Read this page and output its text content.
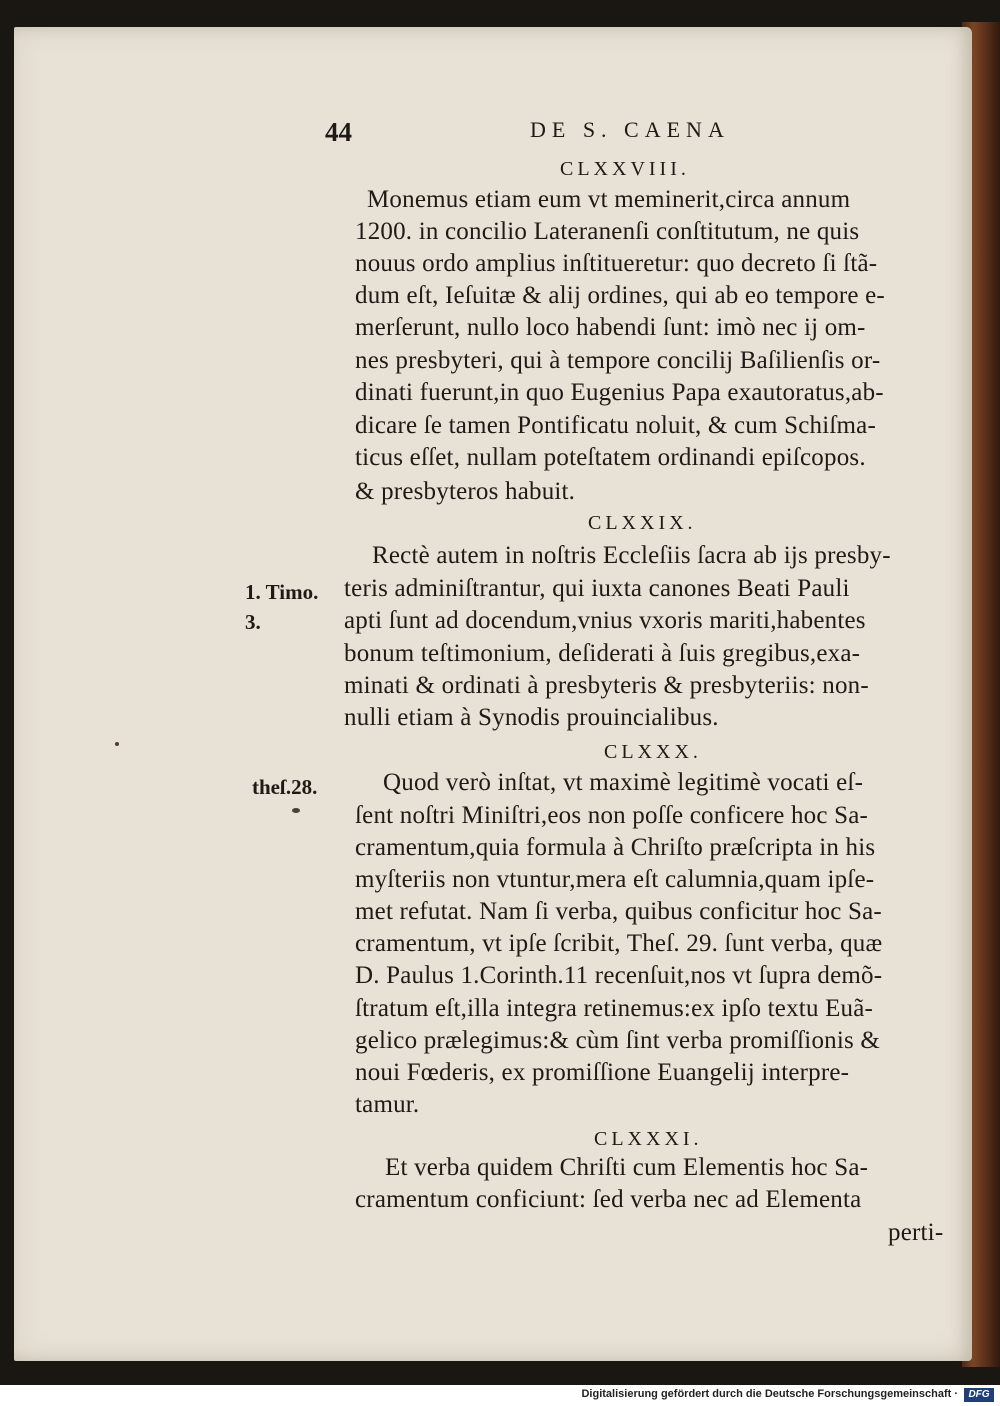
44	DE S. CAENA
CLXXVIII.
Monemus etiam eum vt meminerit,circa annum
1200. in concilio Lateranenſi conſtitutum, ne quis
nouus ordo amplius inſtitueretur: quo decreto ſi ſtã-
dum eſt, Ieſuitæ & alij ordines, qui ab eo tempore e-
merſerunt, nullo loco habendi ſunt: imò nec ij om-
nes presbyteri, qui à tempore concilij Baſilienſis or-
dinati fuerunt,in quo Eugenius Papa exautoratus,ab-
dicare ſe tamen Pontificatu noluit, & cum Schiſma-
ticus eſſet, nullam poteſtatem ordinandi epiſcopos.
& presbyteros habuit.
CLXXIX.
Rectè autem in noſtris Eccleſiis ſacra ab ijs presby-
teris adminiſtrantur, qui iuxta canones Beati Pauli
apti ſunt ad docendum,vnius vxoris mariti,habentes
bonum teſtimonium, deſiderati à ſuis gregibus,exa-
minati & ordinati à presbyteris & presbyteriis: non-
nulli etiam à Synodis prouincialibus.
1. Timo.
3.
CLXXX.
Quod verò inſtat, vt maximè legitimè vocati eſ-
ſent noſtri Miniſtri,eos non poſſe conficere hoc Sa-
cramentum,quia formula à Chriſto præſcripta in his
myſteriis non vtuntur,mera eſt calumnia,quam ipſe-
met refutat. Nam ſi verba, quibus conficitur hoc Sa-
cramentum, vt ipſe ſcribit, Theſ. 29. ſunt verba, quæ
D. Paulus 1.Corinth.11 recenſuit,nos vt ſupra demõ-
ſtratum eſt,illa integra retinemus:ex ipſo textu Euã-
gelico prælegimus:& cùm ſint verba promiſſionis &
noui Fœderis, ex promiſſione Euangelij interpre-
tamur.
theſ.28.
CLXXXI.
Et verba quidem Chriſti cum Elementis hoc Sa-
cramentum conficiunt: ſed verba nec ad Elementa
perti-
Digitalisierung gefördert durch die Deutsche Forschungsgemeinschaft ·	DFG
